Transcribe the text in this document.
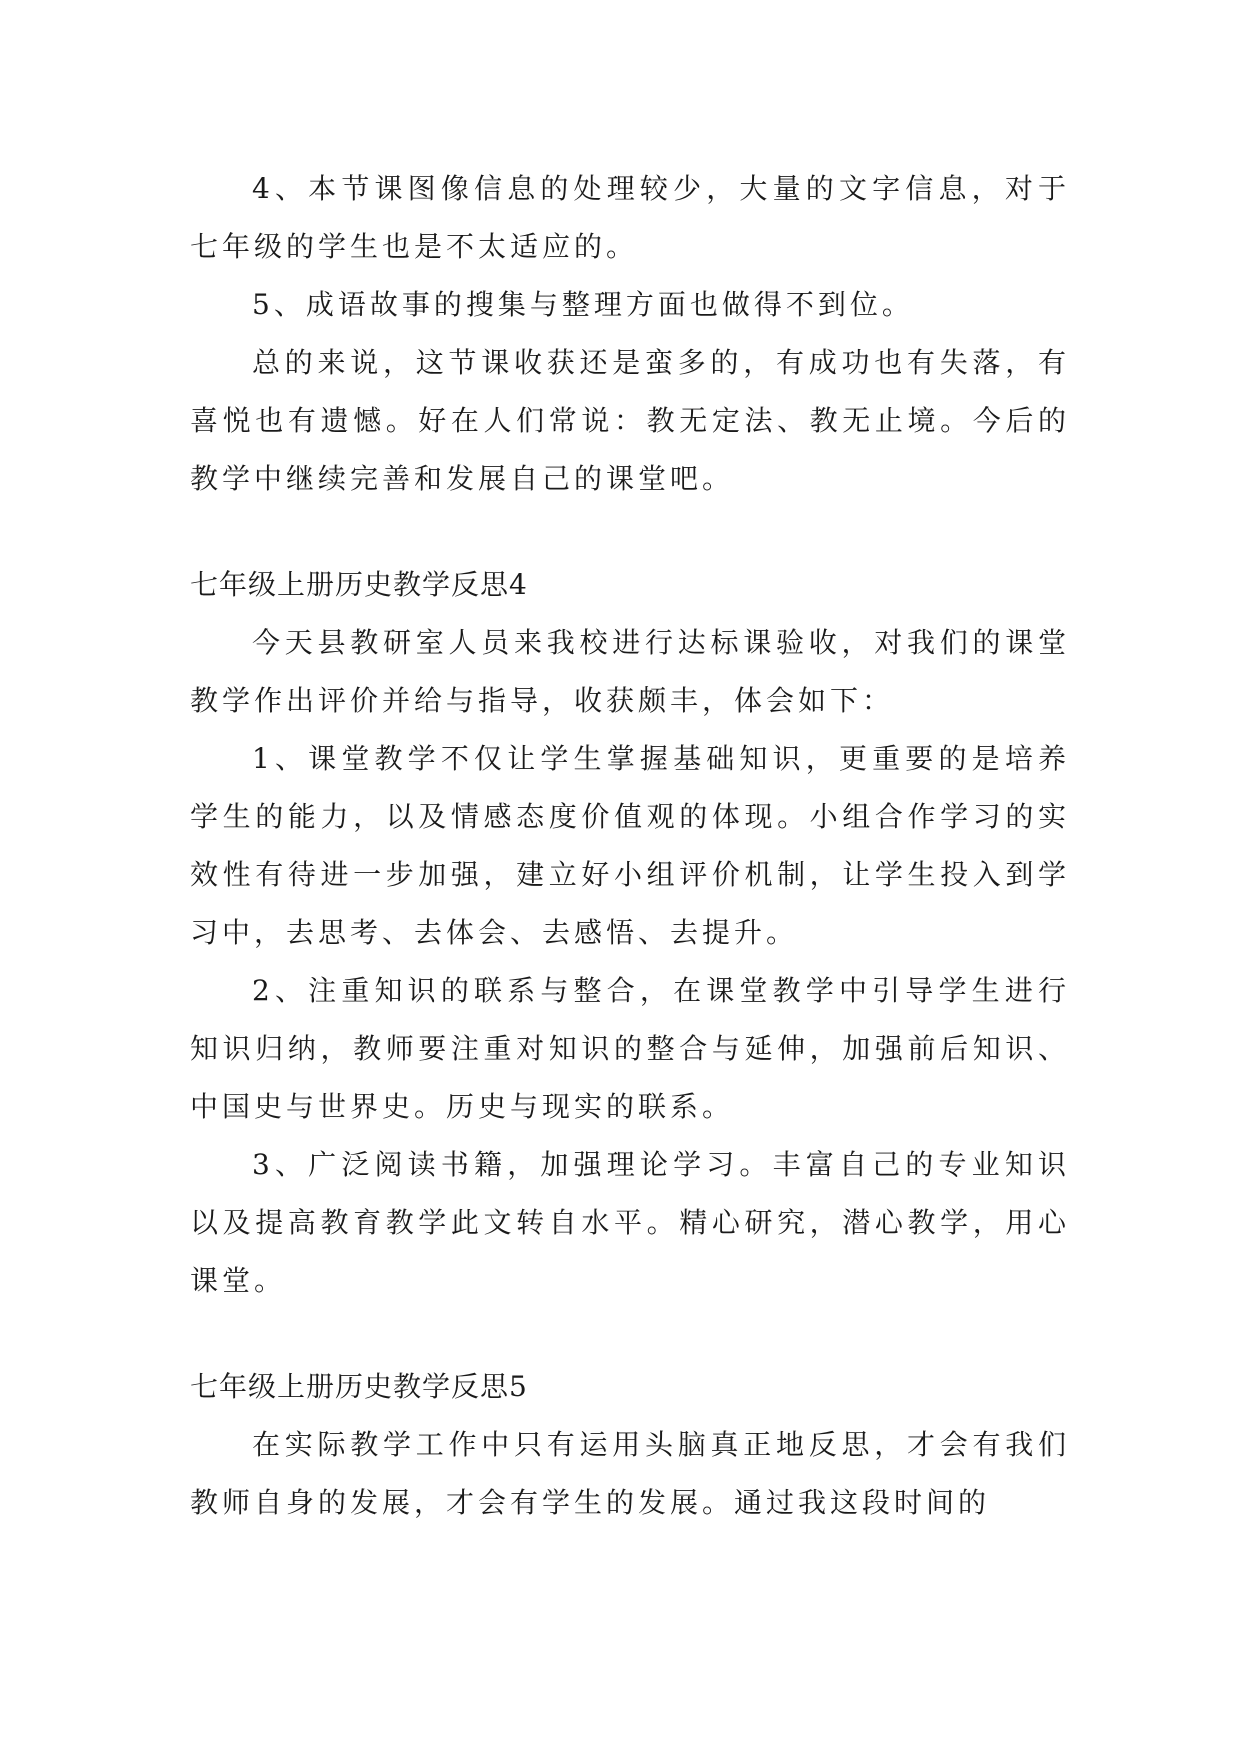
4、本节课图像信息的处理较少，大量的文字信息，对于七年级的学生也是不太适应的。

5、成语故事的搜集与整理方面也做得不到位。

总的来说，这节课收获还是蛮多的，有成功也有失落，有喜悦也有遗憾。好在人们常说：教无定法、教无止境。今后的教学中继续完善和发展自己的课堂吧。

七年级上册历史教学反思4

今天县教研室人员来我校进行达标课验收，对我们的课堂教学作出评价并给与指导，收获颇丰，体会如下：

1、课堂教学不仅让学生掌握基础知识，更重要的是培养学生的能力，以及情感态度价值观的体现。小组合作学习的实效性有待进一步加强，建立好小组评价机制，让学生投入到学习中，去思考、去体会、去感悟、去提升。

2、注重知识的联系与整合，在课堂教学中引导学生进行知识归纳，教师要注重对知识的整合与延伸，加强前后知识、中国史与世界史。历史与现实的联系。

3、广泛阅读书籍，加强理论学习。丰富自己的专业知识以及提高教育教学此文转自水平。精心研究，潜心教学，用心课堂。

七年级上册历史教学反思5

在实际教学工作中只有运用头脑真正地反思，才会有我们教师自身的发展，才会有学生的发展。通过我这段时间的
